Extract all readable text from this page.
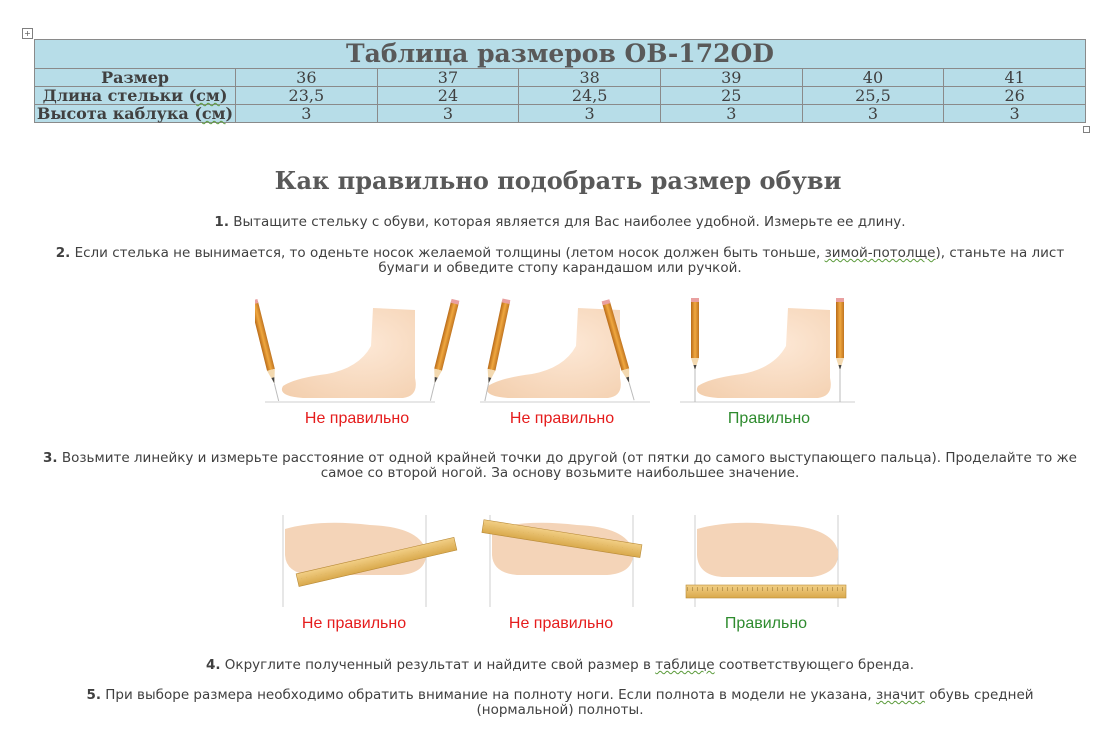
+
Таблица размеров OB-172OD						
Размер	36	37	38	39	40	41
Длина стельки (см)	23,5	24	24,5	25	25,5	26
Высота каблука (см)	3	3	3	3	3	3
Как правильно подобрать размер обуви
1. Вытащите стельку с обуви, которая является для Вас наиболее удобной. Измерьте ее длину.
2. Если стелька не вынимается, то оденьте носок желаемой толщины (летом носок должен быть тоньше, зимой-потолще), станьте на лист бумаги и обведите стопу карандашом или ручкой.
Не правильно	Не правильно	Правильно
3. Возьмите линейку и измерьте расстояние от одной крайней точки до другой (от пятки до самого выступающего пальца). Проделайте то же самое со второй ногой. За основу возьмите наибольшее значение.
Не правильно	Не правильно	Правильно
4. Округлите полученный результат и найдите свой размер в таблице соответствующего бренда.
5. При выборе размера необходимо обратить внимание на полноту ноги. Если полнота в модели не указана, значит обувь средней (нормальной) полноты.
